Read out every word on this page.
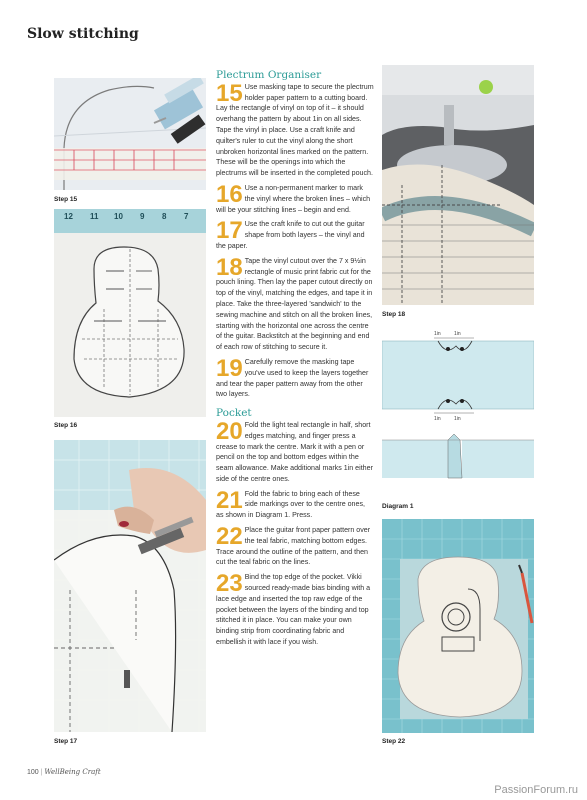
Slow stitching
Step 15
12 11 10 9 8 7
Step 16
Step 17
Plectrum Organiser
15 Use masking tape to secure the plectrum holder paper pattern to a cutting board. Lay the rectangle of vinyl on top of it – it should overhang the pattern by about 1in on all sides. Tape the vinyl in place. Use a craft knife and quilter's ruler to cut the vinyl along the short unbroken horizontal lines marked on the pattern. These will be the openings into which the plectrums will be inserted in the completed pouch.
16 Use a non-permanent marker to mark the vinyl where the broken lines – which will be your stitching lines – begin and end.
17 Use the craft knife to cut out the guitar shape from both layers – the vinyl and the paper.
18 Tape the vinyl cutout over the 7 x 9½in rectangle of music print fabric cut for the pouch lining. Then lay the paper cutout directly on top of the vinyl, matching the edges, and tape it in place. Take the three-layered 'sandwich' to the sewing machine and stitch on all the broken lines, starting with the horizontal one across the centre of the guitar. Backstitch at the beginning and end of each row of stitching to secure it.
19 Carefully remove the masking tape you've used to keep the layers together and tear the paper pattern away from the other two layers.
Pocket
20 Fold the light teal rectangle in half, short edges matching, and finger press a crease to mark the centre. Mark it with a pen or pencil on the top and bottom edges within the seam allowance. Make additional marks 1in either side of the centre ones.
21 Fold the fabric to bring each of these side markings over to the centre ones, as shown in Diagram 1. Press.
22 Place the guitar front paper pattern over the teal fabric, matching bottom edges. Trace around the outline of the pattern, and then cut the teal fabric on the lines.
23 Bind the top edge of the pocket. Vikki sourced ready-made bias binding with a lace edge and inserted the top raw edge of the pocket between the layers of the binding and top stitched it in place. You can make your own binding strip from coordinating fabric and embellish it with lace if you wish.
Step 18
1in	1in
1in	1in
Diagram 1
Step 22
100 | WellBeing Craft
PassionForum.ru
